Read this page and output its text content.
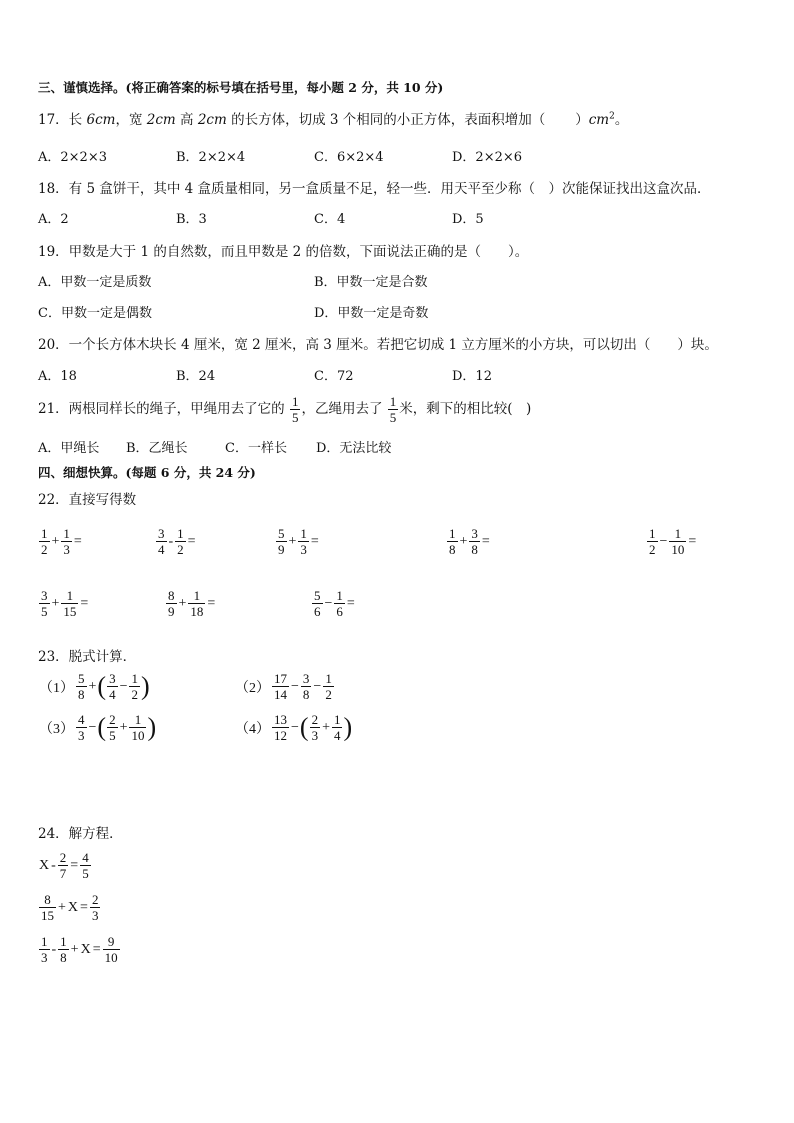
三、谨慎选择。(将正确答案的标号填在括号里，每小题 2 分，共 10 分)
17．长 6cm，宽 2cm 高 2cm 的长方体，切成 3 个相同的小正方体，表面积增加（ ）$cm^2$。
A．2×2×3	B．2×2×4	C．6×2×4	D．2×2×6
18．有 5 盒饼干，其中 4 盒质量相同，另一盒质量不足，轻一些．用天平至少称（　）次能保证找出这盒次品．
A．2	B．3	C．4	D．5
19．甲数是大于 1 的自然数，而且甲数是 2 的倍数，下面说法正确的是（　　）。
A．甲数一定是质数	B．甲数一定是合数
C．甲数一定是偶数	D．甲数一定是奇数
20．一个长方体木块长 4 厘米，宽 2 厘米，高 3 厘米。若把它切成 1 立方厘米的小方块，可以切出（　　）块。
A．18	B．24	C．72	D．12
21．两根同样长的绳子，甲绳用去了它的 $\frac{1}{5}$ ，乙绳用去了 $\frac{1}{5}$ 米，剩下的相比较(　)
A．甲绳长 B．乙绳长	C．一样长 D．无法比较
四、细想快算。(每题 6 分，共 24 分)
22．直接写得数
$\frac{1}{2} + \frac{1}{3}$ =	$\frac{3}{4} - \frac{1}{2}$ =	$\frac{5}{9} + \frac{1}{3}$ =	$\frac{1}{8} + \frac{3}{8}$ =	$\frac{1}{2} - \frac{1}{10}$ =
$\frac{3}{5} + \frac{1}{15}$ =	$\frac{8}{9} + \frac{1}{18}$ =	$\frac{5}{6} - \frac{1}{6}$ =
23．脱式计算．
$(1) \frac{5}{8}$ +( $\frac{3}{4} - \frac{1}{2}$ )	$(2) \frac{17}{14} - \frac{3}{8} - \frac{1}{2}$
$(3) \frac{4}{3}$ −( $\frac{2}{5} + \frac{1}{10}$ )	$(4) \frac{13}{12}$ −( $\frac{2}{3} + \frac{1}{4}$ )
24．解方程．
$X - \frac{2}{7} = \frac{4}{5}$
$\frac{8}{15} + X = \frac{2}{3}$
$\frac{1}{3} - \frac{1}{8} + X = \frac{9}{10}$
